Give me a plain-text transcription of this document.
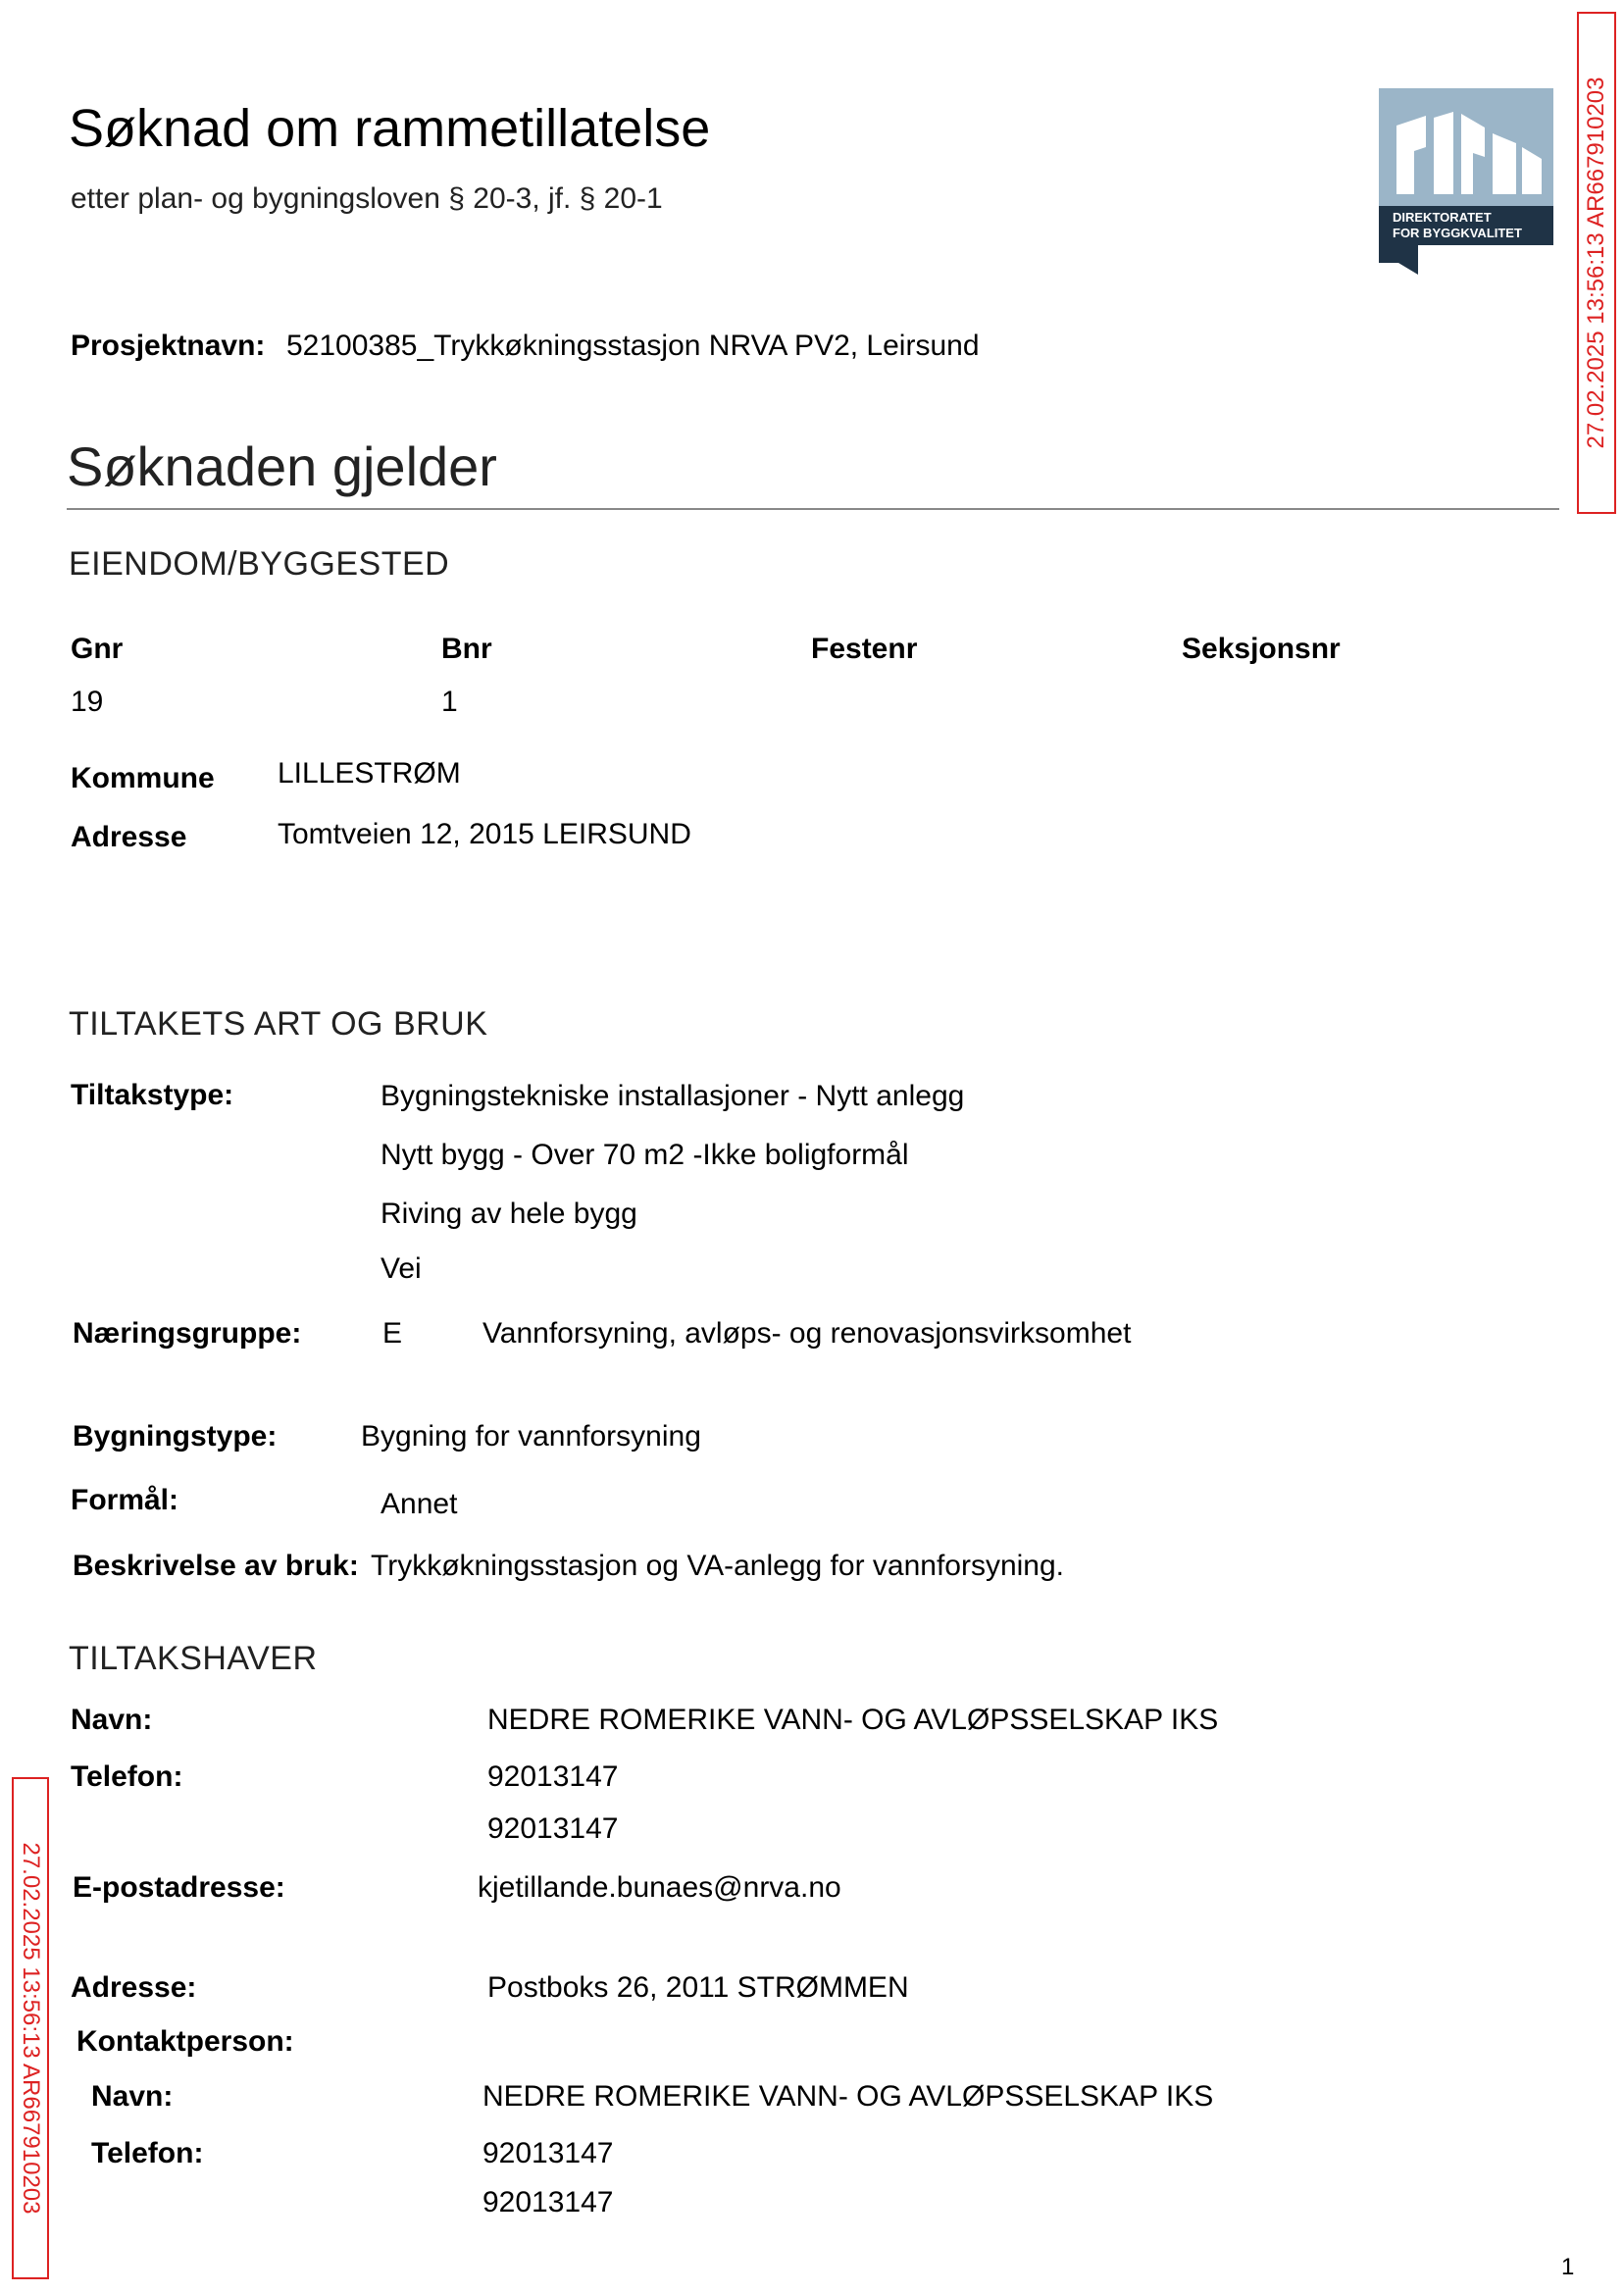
Søknad om rammetillatelse
etter plan- og bygningsloven § 20-3, jf. § 20-1
DIREKTORATET
FOR BYGGKVALITET	27.02.2025 13:56:13 AR667910203
Prosjektnavn: 52100385_Trykkøkningsstasjon NRVA PV2, Leirsund
Søknaden gjelder
EIENDOM/BYGGESTED
Gnr	Bnr	Festenr	Seksjonsnr
19	1
Kommune LILLESTRØM
Adresse	Tomtveien 12, 2015 LEIRSUND
TILTAKETS ART OG BRUK
Tiltakstype:	Bygningstekniske installasjoner - Nytt anlegg
Nytt bygg - Over 70 m2 -Ikke boligformål
Riving av hele bygg
Vei
Næringsgruppe:	E	Vannforsyning, avløps- og renovasjonsvirksomhet
Bygningstype:	Bygning for vannforsyning
Formål:	Annet
Beskrivelse av bruk: Trykkøkningsstasjon og VA-anlegg for vannforsyning.
TILTAKSHAVER
Navn:	NEDRE ROMERIKE VANN- OG AVLØPSSELSKAP IKS
Telefon:	92013147
92013147
E-postadresse:	kjetillande.bunaes@nrva.no
Adresse:	Postboks 26, 2011 STRØMMEN
Kontaktperson:
Navn:	NEDRE ROMERIKE VANN- OG AVLØPSSELSKAP IKS
Telefon:	92013147
92013147
27.02.2025 13:56:13 AR667910203
1
